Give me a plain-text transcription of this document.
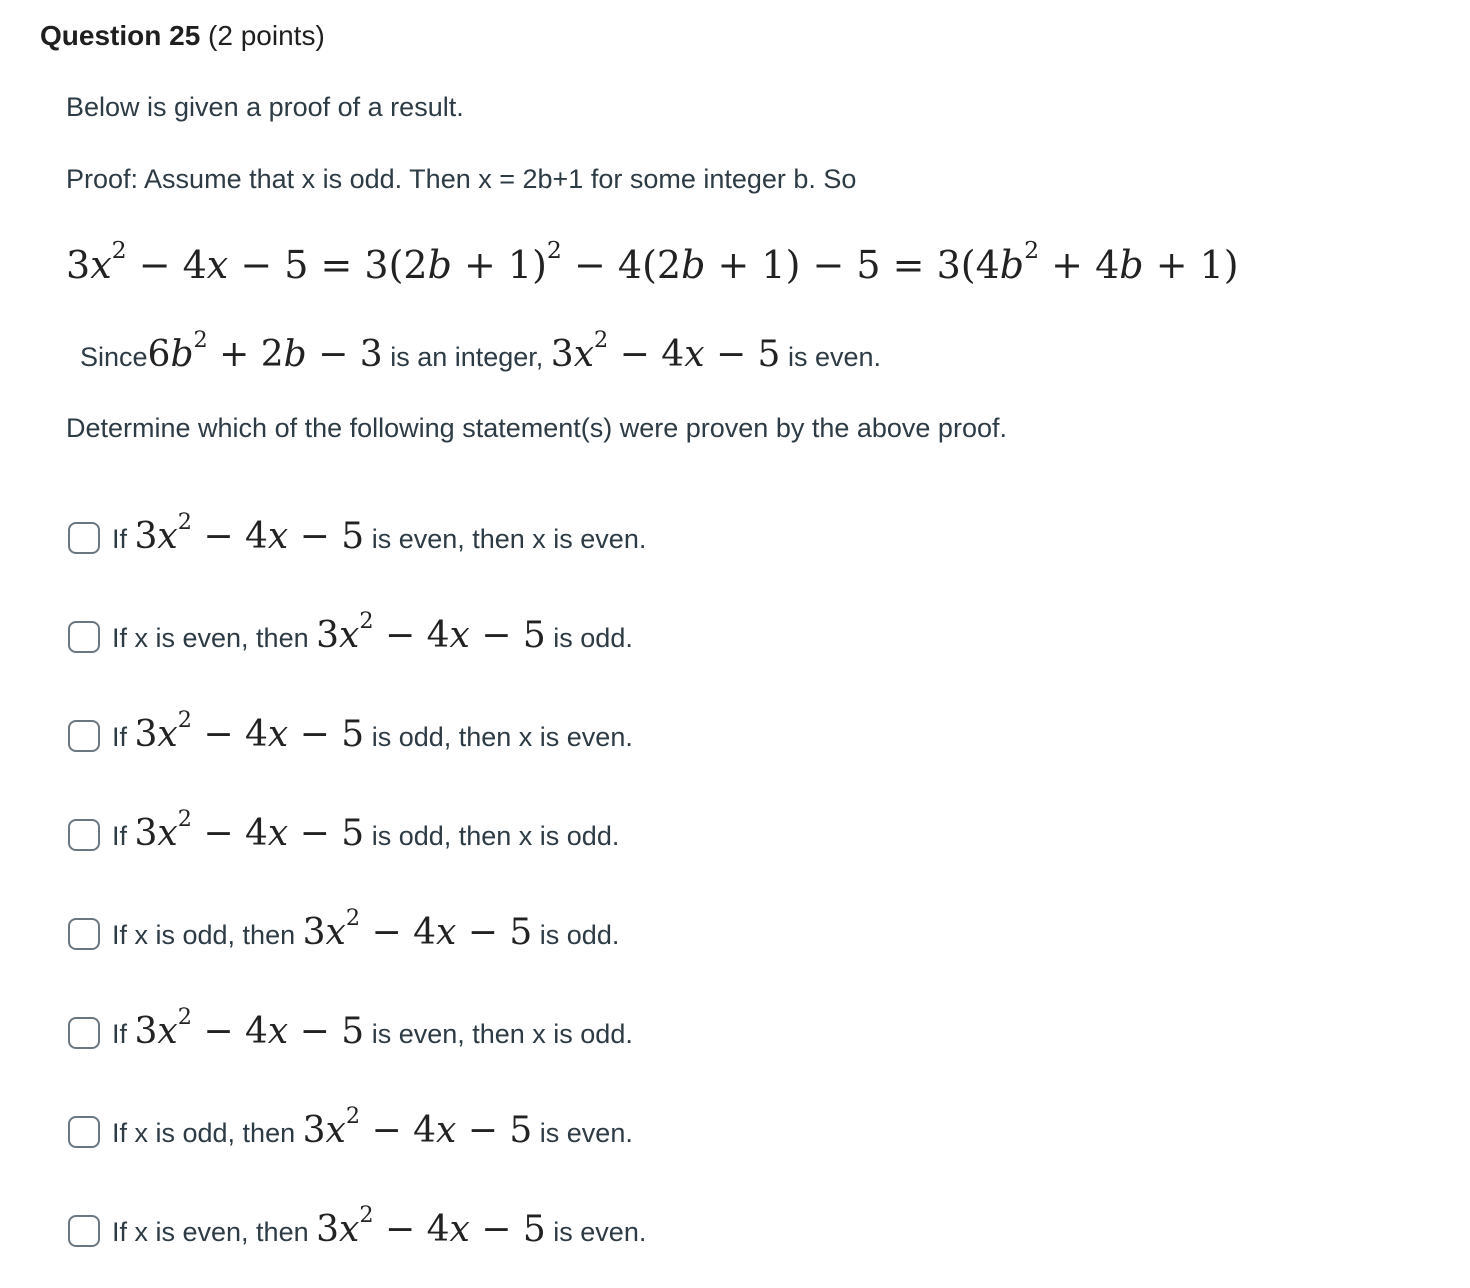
Question 25 (2 points)
Below is given a proof of a result.
Proof: Assume that x is odd. Then x = 2b+1 for some integer b. So
$3x^2 - 4x - 5 = 3(2b + 1)^2 - 4(2b + 1) - 5 = 3(4b^2 + 4b + 1)$
$Since6b^2 + 2b - 3$ is an integer, $3x^2 - 4x - 5$ is even.
Determine which of the following statement(s) were proven by the above proof.
If $3x^2 - 4x - 5$ is even, then x is even.
If x is even, then $3x^2 - 4x - 5$ is odd.
If $3x^2 - 4x - 5$ is odd, then x is even.
If $3x^2 - 4x - 5$ is odd, then x is odd.
If x is odd, then $3x^2 - 4x - 5$ is odd.
If $3x^2 - 4x - 5$ is even, then x is odd.
If x is odd, then $3x^2 - 4x - 5$ is even.
If x is even, then $3x^2 - 4x - 5$ is even.
